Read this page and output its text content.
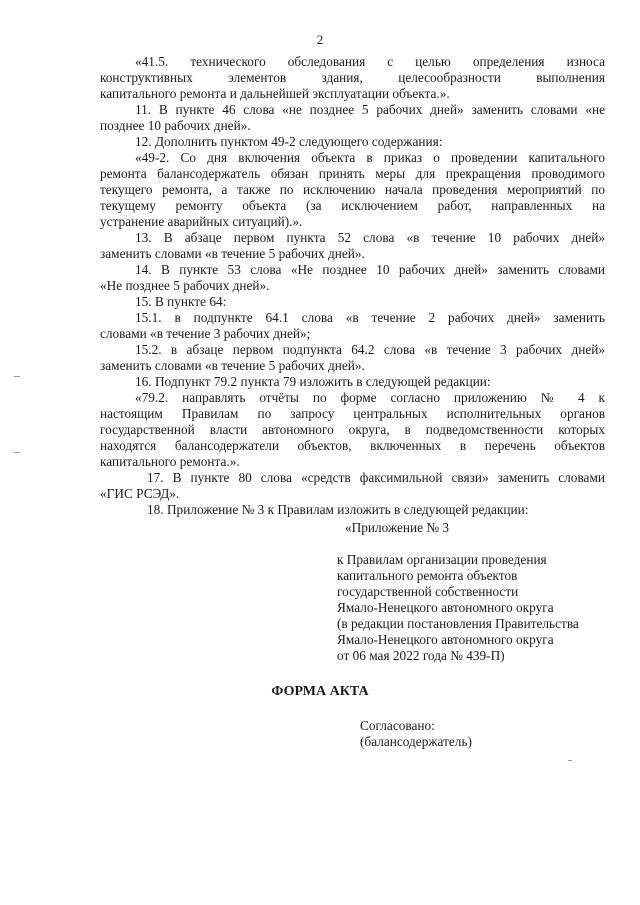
2
«41.5. технического обследования с целью определения износа
конструктивных элементов здания, целесообразности выполнения
капитального ремонта и дальнейшей эксплуатации объекта.».
11. В пункте 46 слова «не позднее 5 рабочих дней» заменить словами «не
позднее 10 рабочих дней».
12. Дополнить пунктом 49-2 следующего содержания:
«49-2. Со дня включения объекта в приказ о проведении капитального
ремонта балансодержатель обязан принять меры для прекращения проводимого
текущего ремонта, а также по исключению начала проведения мероприятий по
текущему ремонту объекта (за исключением работ, направленных на
устранение аварийных ситуаций).».
13. В абзаце первом пункта 52 слова «в течение 10 рабочих дней»
заменить словами «в течение 5 рабочих дней».
14. В пункте 53 слова «Не позднее 10 рабочих дней» заменить словами
«Не позднее 5 рабочих дней».
15. В пункте 64:
15.1. в подпункте 64.1 слова «в течение 2 рабочих дней» заменить
словами «в течение 3 рабочих дней»;
15.2. в абзаце первом подпункта 64.2 слова «в течение 3 рабочих дней»
заменить словами «в течение 5 рабочих дней».
16. Подпункт 79.2 пункта 79 изложить в следующей редакции:
«79.2. направлять отчёты по форме согласно приложению № 4 к
настоящим Правилам по запросу центральных исполнительных органов
государственной власти автономного округа, в подведомственности которых
находятся балансодержатели объектов, включенных в перечень объектов
капитального ремонта.».
17. В пункте 80 слова «средств факсимильной связи» заменить словами
«ГИС РСЭД».
18. Приложение № 3 к Правилам изложить в следующей редакции:
«Приложение № 3
к Правилам организации проведения
капитального ремонта объектов
государственной собственности
Ямало-Ненецкого автономного округа
(в редакции постановления Правительства
Ямало-Ненецкого автономного округа
от 06 мая 2022 года № 439-П)
ФОРМА АКТА
Согласовано:
(балансодержатель)
